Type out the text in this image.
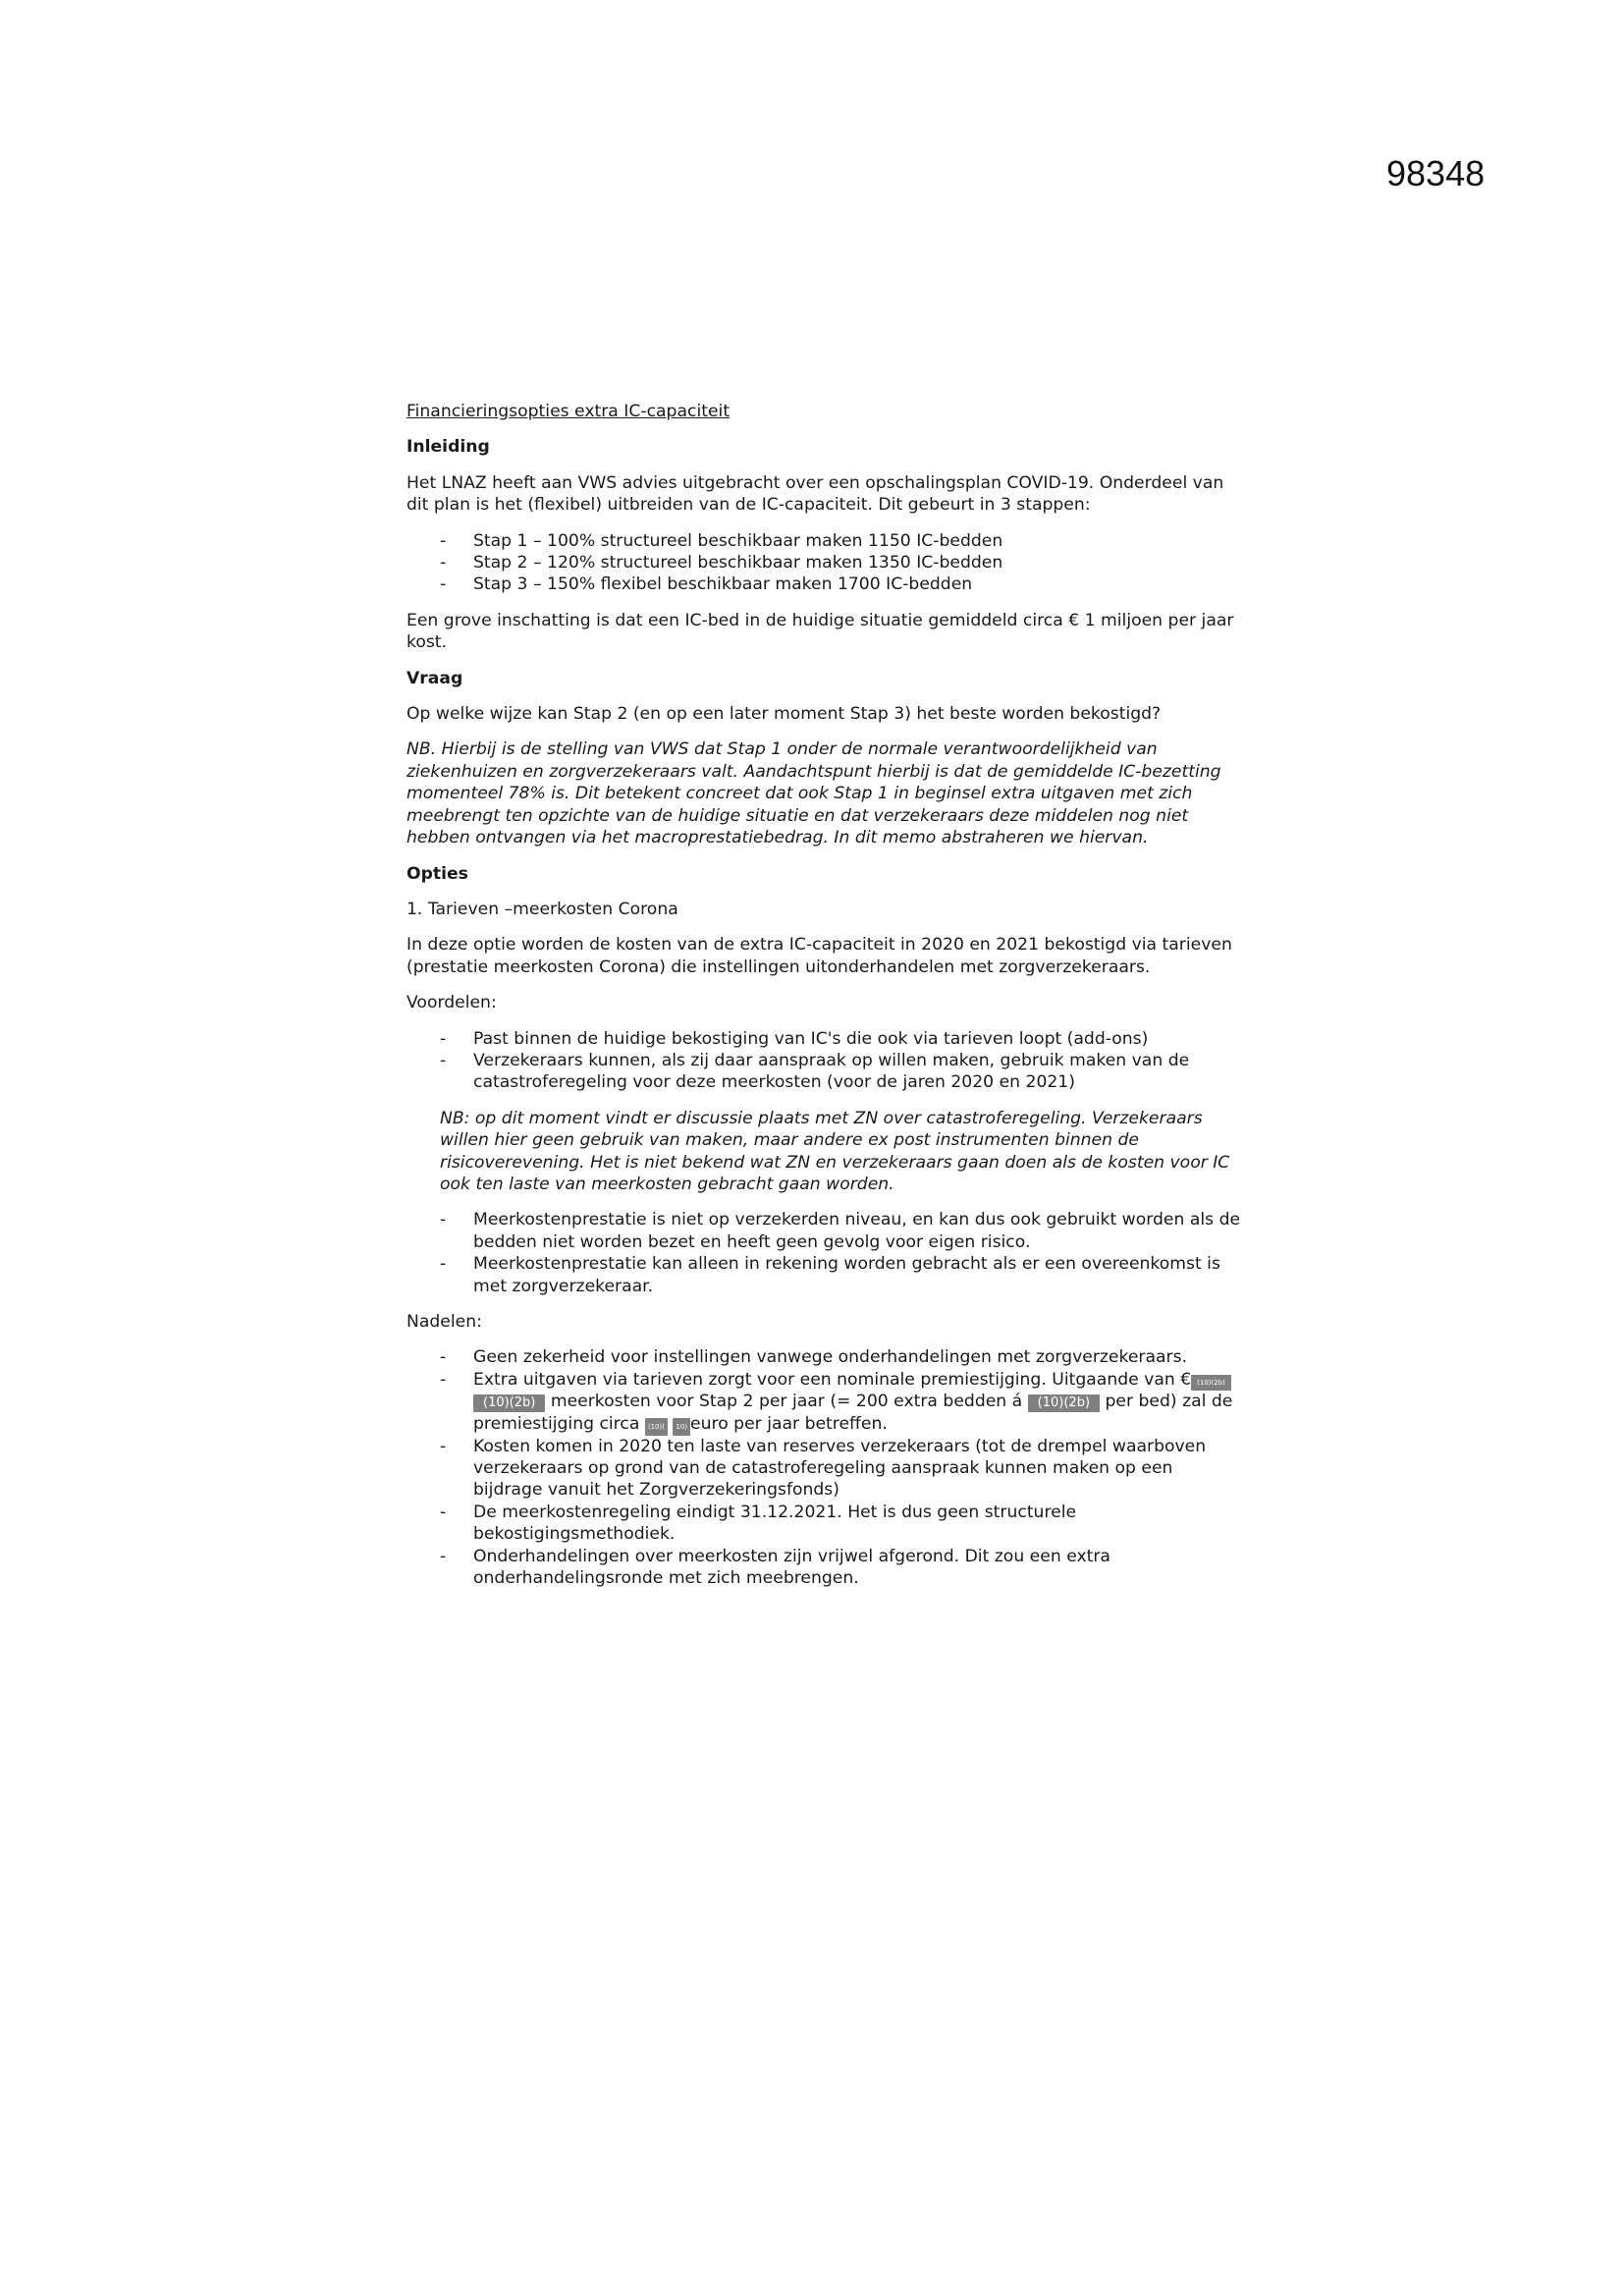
98348

Financieringsopties extra IC-capaciteit

Inleiding

Het LNAZ heeft aan VWS advies uitgebracht over een opschalingsplan COVID-19. Onderdeel van dit plan is het (flexibel) uitbreiden van de IC-capaciteit. Dit gebeurt in 3 stappen:

- Stap 1 – 100% structureel beschikbaar maken 1150 IC-bedden
- Stap 2 – 120% structureel beschikbaar maken 1350 IC-bedden
- Stap 3 – 150% flexibel beschikbaar maken 1700 IC-bedden

Een grove inschatting is dat een IC-bed in de huidige situatie gemiddeld circa € 1 miljoen per jaar kost.

Vraag

Op welke wijze kan Stap 2 (en op een later moment Stap 3) het beste worden bekostigd?

NB. Hierbij is de stelling van VWS dat Stap 1 onder de normale verantwoordelijkheid van ziekenhuizen en zorgverzekeraars valt. Aandachtspunt hierbij is dat de gemiddelde IC-bezetting momenteel 78% is. Dit betekent concreet dat ook Stap 1 in beginsel extra uitgaven met zich meebrengt ten opzichte van de huidige situatie en dat verzekeraars deze middelen nog niet hebben ontvangen via het macroprestatiebedrag. In dit memo abstraheren we hiervan.

Opties

1. Tarieven –meerkosten Corona

In deze optie worden de kosten van de extra IC-capaciteit in 2020 en 2021 bekostigd via tarieven (prestatie meerkosten Corona) die instellingen uitonderhandelen met zorgverzekeraars.

Voordelen:

- Past binnen de huidige bekostiging van IC's die ook via tarieven loopt (add-ons)
- Verzekeraars kunnen, als zij daar aanspraak op willen maken, gebruik maken van de catastroferegeling voor deze meerkosten (voor de jaren 2020 en 2021)

NB: op dit moment vindt er discussie plaats met ZN over catastroferegeling. Verzekeraars willen hier geen gebruik van maken, maar andere ex post instrumenten binnen de risicoverevening. Het is niet bekend wat ZN en verzekeraars gaan doen als de kosten voor IC ook ten laste van meerkosten gebracht gaan worden.

- Meerkostenprestatie is niet op verzekerden niveau, en kan dus ook gebruikt worden als de bedden niet worden bezet en heeft geen gevolg voor eigen risico.
- Meerkostenprestatie kan alleen in rekening worden gebracht als er een overeenkomst is met zorgverzekeraar.

Nadelen:

- Geen zekerheid voor instellingen vanwege onderhandelingen met zorgverzekeraars.
- Extra uitgaven via tarieven zorgt voor een nominale premiestijging. Uitgaande van € (10)(2b) (10)(2b) meerkosten voor Stap 2 per jaar (= 200 extra bedden á (10)(2b) per bed) zal de premiestijging circa (10)( 10) euro per jaar betreffen.
- Kosten komen in 2020 ten laste van reserves verzekeraars (tot de drempel waarboven verzekeraars op grond van de catastroferegeling aanspraak kunnen maken op een bijdrage vanuit het Zorgverzekeringsfonds)
- De meerkostenregeling eindigt 31.12.2021. Het is dus geen structurele bekostigingsmethodiek.
- Onderhandelingen over meerkosten zijn vrijwel afgerond. Dit zou een extra onderhandelingsronde met zich meebrengen.
